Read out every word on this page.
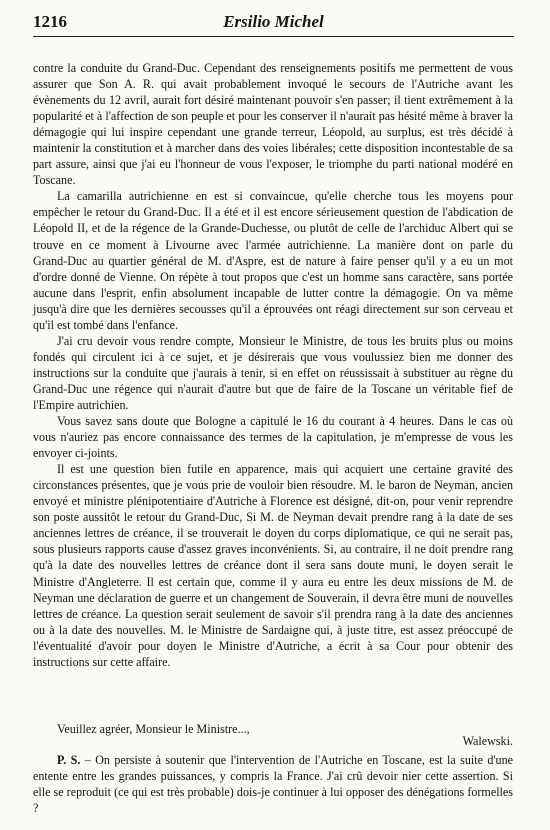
1216	Ersilio Michel

contre la conduite du Grand‑Duc. Cependant des renseignements positifs me permettent de vous assurer que Son A. R. qui avait probablement invoqué le secours de l'Autriche avant les évènements du 12 avril, aurait fort désiré maintenant pouvoir s'en passer; il tient extrêmement à la popularité et à l'affection de son peuple et pour les conserver il n'aurait pas hésité même à braver la démagogie qui lui inspire cependant une grande terreur, Léopold, au surplus, est très décidé à maintenir la constitution et à marcher dans des voies libérales; cette disposition incontestable de sa part assure, ainsi que j'ai eu l'honneur de vous l'exposer, le triomphe du parti national modéré en Toscane.

La camarilla autrichienne en est si convaincue, qu'elle cherche tous les moyens pour empêcher le retour du Grand‑Duc. Il a été et il est encore sérieusement question de l'abdication de Léopold II, et de la régence de la Grande‑Duchesse, ou plutôt de celle de l'archiduc Albert qui se trouve en ce moment à Livourne avec l'armée autrichienne. La manière dont on parle du Grand‑Duc au quartier général de M. d'Aspre, est de nature à faire penser qu'il y a eu un mot d'ordre donné de Vienne. On répète à tout propos que c'est un homme sans caractère, sans portée aucune dans l'esprit, enfin absolument incapable de lutter contre la démagogie. On va même jusqu'à dire que les dernières secousses qu'il a éprouvées ont réagi directement sur son cerveau et qu'il est tombé dans l'enfance.

J'ai cru devoir vous rendre compte, Monsieur le Ministre, de tous les bruits plus ou moins fondés qui circulent ici à ce sujet, et je désirerais que vous voulussiez bien me donner des instructions sur la conduite que j'aurais à tenir, si en effet on réussissait à substituer au règne du Grand‑Duc une régence qui n'aurait d'autre but que de faire de la Toscane un véritable fief de l'Empire autrichien.

Vous savez sans doute que Bologne a capitulé le 16 du courant à 4 heures. Dans le cas où vous n'auriez pas encore connaissance des termes de la capitulation, je m'empresse de vous les envoyer ci‑joints.

Il est une question bien futile en apparence, mais qui acquiert une certaine gravité des circonstances présentes, que je vous prie de vouloir bien résoudre. M. le baron de Neyman, ancien envoyé et ministre plénipotentiaire d'Autriche à Florence est désigné, dit‑on, pour venir reprendre son poste aussitôt le retour du Grand‑Duc, Si M. de Neyman devait prendre rang à la date de ses anciennes lettres de créance, il se trouverait le doyen du corps diplomatique, ce qui ne serait pas, sous plusieurs rapports cause d'assez graves inconvénients. Si, au contraire, il ne doit prendre rang qu'à la date des nouvelles lettres de créance dont il sera sans doute muni, le doyen serait le Ministre d'Angleterre. Il est certain que, comme il y aura eu entre les deux missions de M. de Neyman une déclaration de guerre et un changement de Souverain, il devra être muni de nouvelles lettres de créance. La question serait seulement de savoir s'il prendra rang à la date des anciennes ou à la date des nouvelles. M. le Ministre de Sardaigne qui, à juste titre, est assez préoccupé de l'éventualité d'avoir pour doyen le Ministre d'Autriche, a écrit à sa Cour pour obtenir des instructions sur cette affaire.

Veuillez agréer, Monsieur le Ministre...,
Walewski.

P. S. – On persiste à soutenir que l'intervention de l'Autriche en Toscane, est la suite d'une entente entre les grandes puissances, y compris la France. J'ai crû devoir nier cette assertion. Si elle se reproduit (ce qui est très probable) dois‑je continuer à lui opposer des dénégations formelles ?
